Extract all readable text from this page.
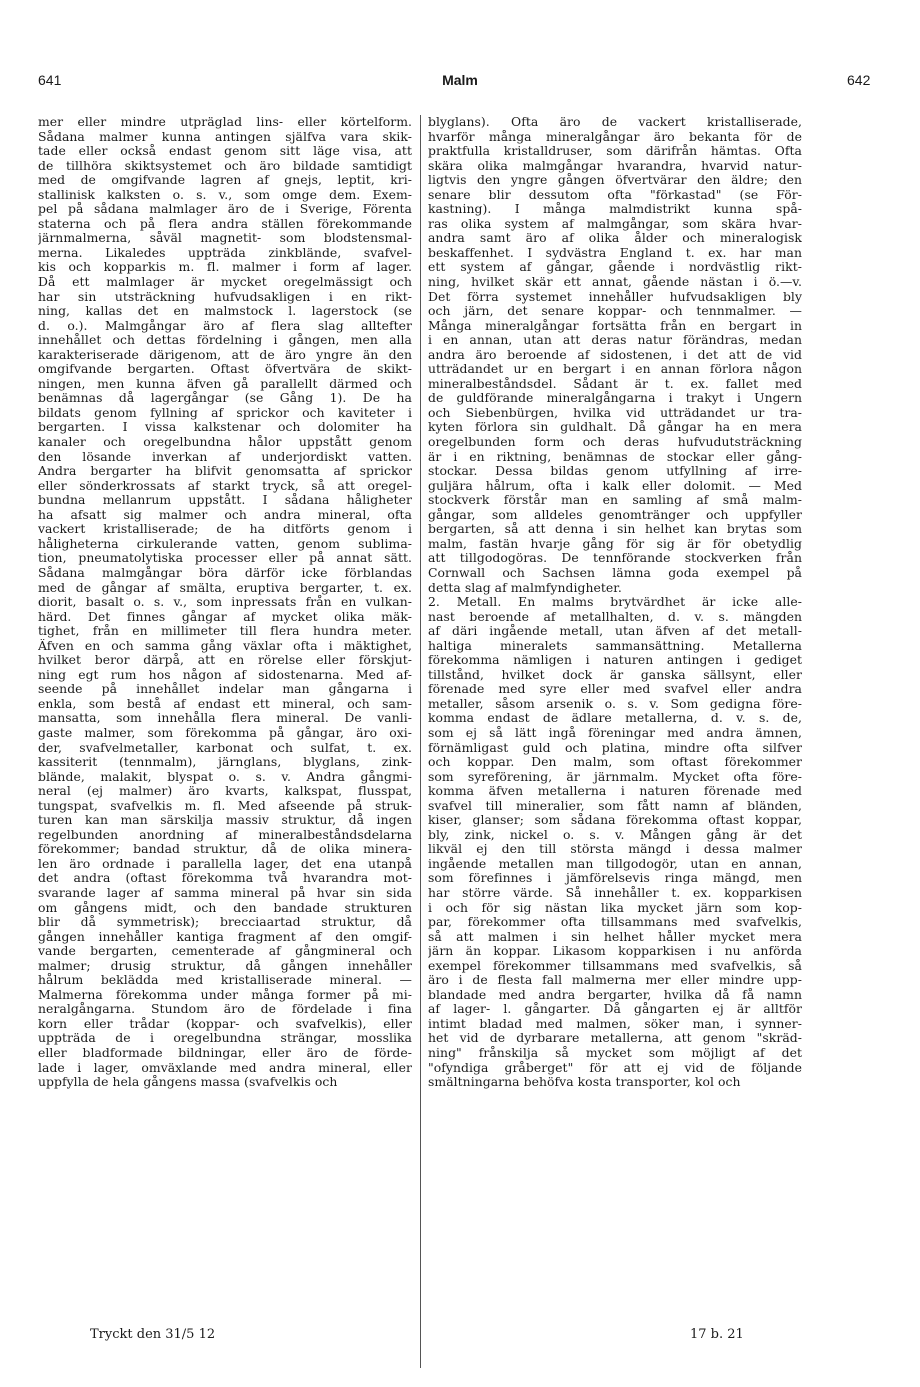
641	Malm	642
mer eller mindre utpräglad lins- eller körtelform.
Sådana malmer kunna antingen själfva vara skik-
tade eller också endast genom sitt läge visa, att
de tillhöra skiktsystemet och äro bildade samtidigt
med de omgifvande lagren af gnejs, leptit, kri-
stallinisk kalksten o. s. v., som omge dem. Exem-
pel på sådana malmlager äro de i Sverige, Förenta
staterna och på flera andra ställen förekommande
järnmalmerna, såväl magnetit- som blodstensmal-
merna. Likaledes uppträda zinkblände, svafvel-
kis och kopparkis m. fl. malmer i form af lager.
Då ett malmlager är mycket oregelmässigt och
har sin utsträckning hufvudsakligen i en rikt-
ning, kallas det en malmstock l. lagerstock (se
d. o.). Malmgångar äro af flera slag alltefter
innehållet och dettas fördelning i gången, men alla
karakteriserade därigenom, att de äro yngre än den
omgifvande bergarten. Oftast öfvertvära de skikt-
ningen, men kunna äfven gå parallellt därmed och
benämnas då lagergångar (se Gång 1). De ha
bildats genom fyllning af sprickor och kaviteter i
bergarten. I vissa kalkstenar och dolomiter ha
kanaler och oregelbundna hålor uppstått genom
den lösande inverkan af underjordiskt vatten.
Andra bergarter ha blifvit genomsatta af sprickor
eller sönderkrossats af starkt tryck, så att oregel-
bundna mellanrum uppstått. I sådana håligheter
ha afsatt sig malmer och andra mineral, ofta
vackert kristalliserade; de ha ditförts genom i
håligheterna cirkulerande vatten, genom sublima-
tion, pneumatolytiska processer eller på annat sätt.
Sådana malmgångar böra därför icke förblandas
med de gångar af smälta, eruptiva bergarter, t. ex.
diorit, basalt o. s. v., som inpressats från en vulkan-
härd. Det finnes gångar af mycket olika mäk-
tighet, från en millimeter till flera hundra meter.
Äfven en och samma gång växlar ofta i mäktighet,
hvilket beror därpå, att en rörelse eller förskjut-
ning egt rum hos någon af sidostenarna. Med af-
seende på innehållet indelar man gångarna i
enkla, som bestå af endast ett mineral, och sam-
mansatta, som innehålla flera mineral. De vanli-
gaste malmer, som förekomma på gångar, äro oxi-
der, svafvelmetaller, karbonat och sulfat, t. ex.
kassiterit (tennmalm), järnglans, blyglans, zink-
blände, malakit, blyspat o. s. v. Andra gångmi-
neral (ej malmer) äro kvarts, kalkspat, flusspat,
tungspat, svafvelkis m. fl. Med afseende på struk-
turen kan man särskilja massiv struktur, då ingen
regelbunden anordning af mineralbeståndsdelarna
förekommer; bandad struktur, då de olika minera-
len äro ordnade i parallella lager, det ena utanpå
det andra (oftast förekomma två hvarandra mot-
svarande lager af samma mineral på hvar sin sida
om gångens midt, och den bandade strukturen
blir då symmetrisk); brecciaartad struktur, då
gången innehåller kantiga fragment af den omgif-
vande bergarten, cementerade af gångmineral och
malmer; drusig struktur, då gången innehåller
hålrum beklädda med kristalliserade mineral. —
Malmerna förekomma under många former på mi-
neralgångarna. Stundom äro de fördelade i fina
korn eller trådar (koppar- och svafvelkis), eller
uppträda de i oregelbundna strängar, mosslika
eller bladformade bildningar, eller äro de förde-
lade i lager, omväxlande med andra mineral, eller
uppfylla de hela gångens massa (svafvelkis och
blyglans). Ofta äro de vackert kristalliserade,
hvarför många mineralgångar äro bekanta för de
praktfulla kristalldruser, som därifrån hämtas. Ofta
skära olika malmgångar hvarandra, hvarvid natur-
ligtvis den yngre gången öfvertvärar den äldre; den
senare blir dessutom ofta "förkastad" (se För-
kastning). I många malmdistrikt kunna spå-
ras olika system af malmgångar, som skära hvar-
andra samt äro af olika ålder och mineralogisk
beskaffenhet. I sydvästra England t. ex. har man
ett system af gångar, gående i nordvästlig rikt-
ning, hvilket skär ett annat, gående nästan i ö.—v.
Det förra systemet innehåller hufvudsakligen bly
och järn, det senare koppar- och tennmalmer. —
Många mineralgångar fortsätta från en bergart in
i en annan, utan att deras natur förändras, medan
andra äro beroende af sidostenen, i det att de vid
utträdandet ur en bergart i en annan förlora någon
mineralbeståndsdel. Sådant är t. ex. fallet med
de guldförande mineralgångarna i trakyt i Ungern
och Siebenbürgen, hvilka vid utträdandet ur tra-
kyten förlora sin guldhalt. Då gångar ha en mera
oregelbunden form och deras hufvudutsträckning
är i en riktning, benämnas de stockar eller gång-
stockar. Dessa bildas genom utfyllning af irre-
guljära hålrum, ofta i kalk eller dolomit. — Med
stockverk förstår man en samling af små malm-
gångar, som alldeles genomtränger och uppfyller
bergarten, så att denna i sin helhet kan brytas som
malm, fastän hvarje gång för sig är för obetydlig
att tillgodogöras. De tennförande stockverken från
Cornwall och Sachsen lämna goda exempel på
detta slag af malmfyndigheter.
2. Metall. En malms brytvärdhet är icke alle-
nast beroende af metallhalten, d. v. s. mängden
af däri ingående metall, utan äfven af det metall-
haltiga mineralets sammansättning. Metallerna
förekomma nämligen i naturen antingen i gediget
tillstånd, hvilket dock är ganska sällsynt, eller
förenade med syre eller med svafvel eller andra
metaller, såsom arsenik o. s. v. Som gedigna före-
komma endast de ädlare metallerna, d. v. s. de,
som ej så lätt ingå föreningar med andra ämnen,
förnämligast guld och platina, mindre ofta silfver
och koppar. Den malm, som oftast förekommer
som syreförening, är järnmalm. Mycket ofta före-
komma äfven metallerna i naturen förenade med
svafvel till mineralier, som fått namn af bländen,
kiser, glanser; som sådana förekomma oftast koppar,
bly, zink, nickel o. s. v. Mången gång är det
likväl ej den till största mängd i dessa malmer
ingående metallen man tillgodogör, utan en annan,
som förefinnes i jämförelsevis ringa mängd, men
har större värde. Så innehåller t. ex. kopparkisen
i och för sig nästan lika mycket järn som kop-
par, förekommer ofta tillsammans med svafvelkis,
så att malmen i sin helhet håller mycket mera
järn än koppar. Likasom kopparkisen i nu anförda
exempel förekommer tillsammans med svafvelkis, så
äro i de flesta fall malmerna mer eller mindre upp-
blandade med andra bergarter, hvilka då få namn
af lager- l. gångarter. Då gångarten ej är alltför
intimt bladad med malmen, söker man, i synner-
het vid de dyrbarare metallerna, att genom "skräd-
ning" frånskilja så mycket som möjligt af det
"ofyndiga gråberget" för att ej vid de följande
smältningarna behöfva kosta transporter, kol och
Tryckt den 31/5 12	17 b. 21
